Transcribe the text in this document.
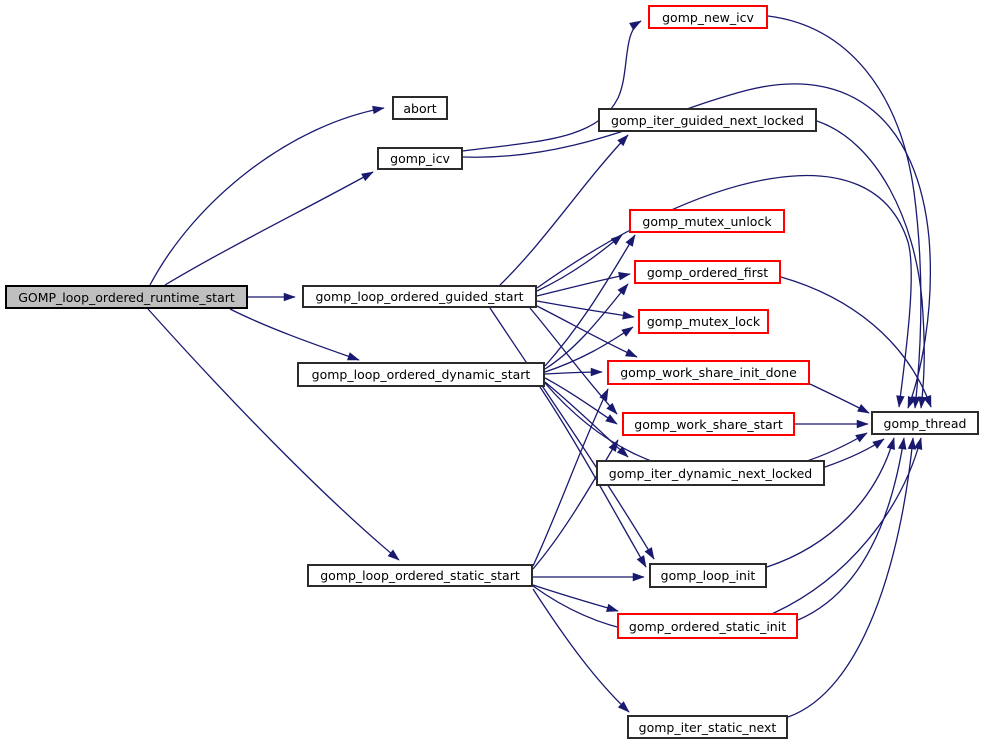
GOMP_loop_ordered_runtime_start
abort
gomp_icv
gomp_new_icv
gomp_iter_guided_next_locked
gomp_mutex_unlock
gomp_ordered_first
gomp_mutex_lock
gomp_work_share_init_done
gomp_work_share_start
gomp_iter_dynamic_next_locked
gomp_thread
gomp_loop_init
gomp_ordered_static_init
gomp_iter_static_next
gomp_loop_ordered_guided_start
gomp_loop_ordered_dynamic_start
gomp_loop_ordered_static_start
